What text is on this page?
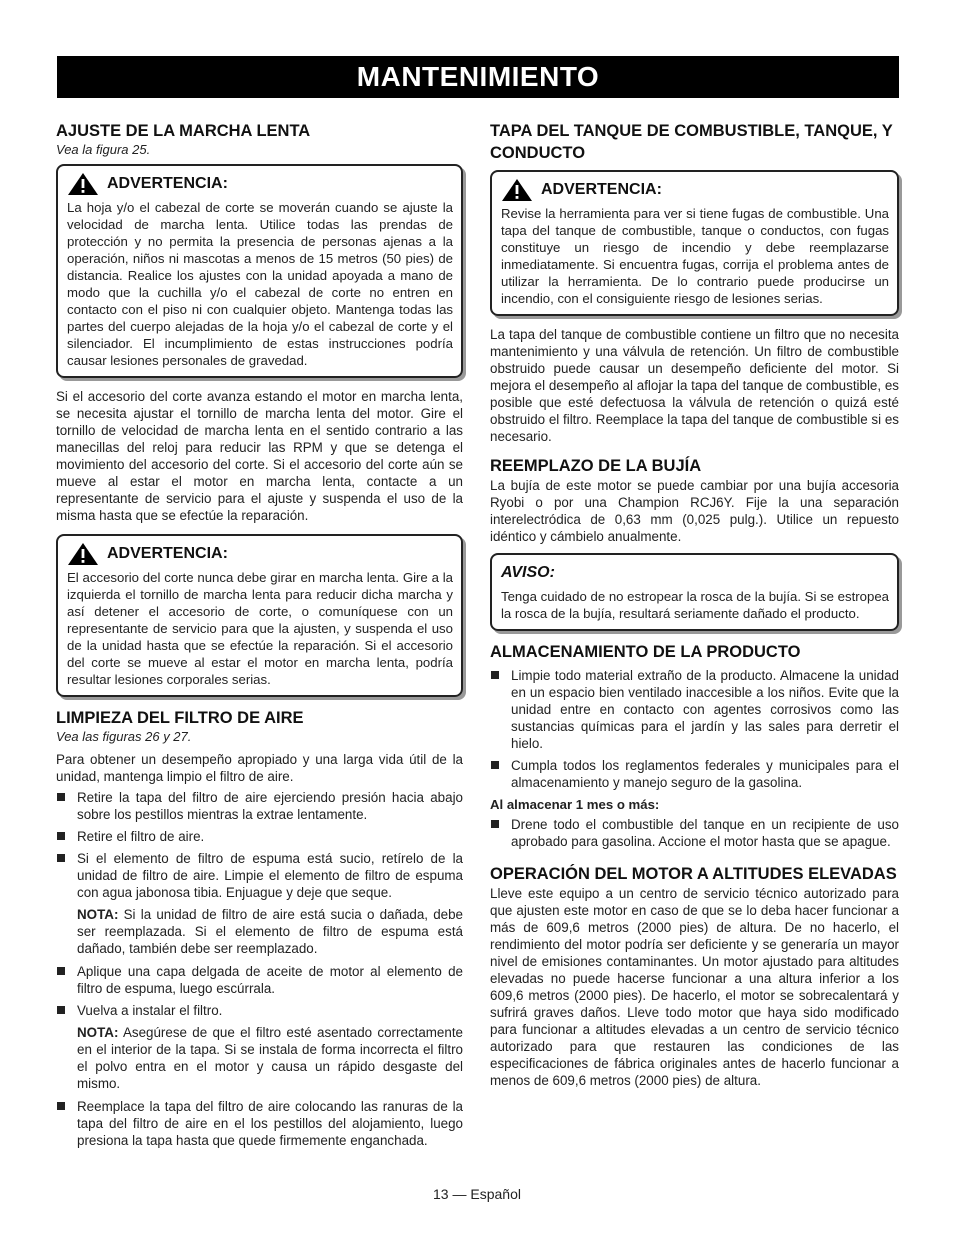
MANTENIMIENTO
AJUSTE DE LA MARCHA LENTA
Vea la figura 25.
ADVERTENCIA:

La hoja y/o el cabezal de corte se moverán cuando se ajuste la velocidad de marcha lenta. Utilice todas las prendas de protección y no permita la presencia de personas ajenas a la operación, niños ni mascotas a menos de 15 metros (50 pies) de distancia. Realice los ajustes con la unidad apoyada a mano de modo que la cuchilla y/o el cabezal de corte no entren en contacto con el piso ni con cualquier objeto. Mantenga todas las partes del cuerpo alejadas de la hoja y/o el cabezal de corte y el silenciador. El incumplimiento de estas instrucciones podría causar lesiones personales de gravedad.

Si el accesorio del corte avanza estando el motor en marcha lenta, se necesita ajustar el tornillo de marcha lenta del motor. Gire el tornillo de velocidad de marcha lenta en el sentido contrario a las manecillas del reloj para reducir las RPM y que se detenga el movimiento del accesorio del corte. Si el accesorio del corte aún se mueve al estar el motor en marcha lenta, contacte a un representante de servicio para el ajuste y suspenda el uso de la misma hasta que se efectúe la reparación.

ADVERTENCIA:

El accesorio del corte nunca debe girar en marcha lenta. Gire a la izquierda el tornillo de marcha lenta para reducir dicha marcha y así detener el accesorio de corte, o comuníquese con un representante de servicio para que la ajusten, y suspenda el uso de la unidad hasta que se efectúe la reparación. Si el accesorio del corte se mueve al estar el motor en marcha lenta, podría resultar lesiones corporales serias.

LIMPIEZA DEL FILTRO DE AIRE
Vea las figuras 26 y 27.

Para obtener un desempeño apropiado y una larga vida útil de la unidad, mantenga limpio el filtro de aire.

Retire la tapa del filtro de aire ejerciendo presión hacia abajo sobre los pestillos mientras la extrae lentamente.
Retire el filtro de aire.
Si el elemento de filtro de espuma está sucio, retírelo de la unidad de filtro de aire. Limpie el elemento de filtro de espuma con agua jabonosa tibia. Enjuague y deje que seque.

NOTA: Si la unidad de filtro de aire está sucia o dañada, debe ser reemplazada. Si el elemento de filtro de espuma está dañado, también debe ser reemplazado.

Aplique una capa delgada de aceite de motor al elemento de filtro de espuma, luego escúrrala.
Vuelva a instalar el filtro.

NOTA: Asegúrese de que el filtro esté asentado correctamente en el interior de la tapa. Si se instala de forma incorrecta el filtro el polvo entra en el motor y causa un rápido desgaste del mismo.

Reemplace la tapa del filtro de aire colocando las ranuras de la tapa del filtro de aire en el los pestillos del alojamiento, luego presiona la tapa hasta que quede firmemente enganchada.
TAPA DEL TANQUE DE COMBUSTIBLE, TANQUE, Y CONDUCTO
ADVERTENCIA:

Revise la herramienta para ver si tiene fugas de combustible. Una tapa del tanque de combustible, tanque o conductos, con fugas constituye un riesgo de incendio y debe reemplazarse inmediatamente. Si encuentra fugas, corrija el problema antes de utilizar la herramienta. De lo contrario puede producirse un incendio, con el consiguiente riesgo de lesiones serias.

La tapa del tanque de combustible contiene un filtro que no necesita mantenimiento y una válvula de retención. Un filtro de combustible obstruido puede causar un desempeño deficiente del motor. Si mejora el desempeño al aflojar la tapa del tanque de combustible, es posible que esté defectuosa la válvula de retención o quizá esté obstruido el filtro. Reemplace la tapa del tanque de combustible si es necesario.

REEMPLAZO DE LA BUJÍA

La bujía de este motor se puede cambiar por una bujía accesoria Ryobi o por una Champion RCJ6Y. Fije la una separación interelectródica de 0,63 mm (0,025 pulg.). Utilice un repuesto idéntico y cámbielo anualmente.

AVISO:

Tenga cuidado de no estropear la rosca de la bujía. Si se estropea la rosca de la bujía, resultará seriamente dañado el producto.

ALMACENAMIENTO DE LA PRODUCTO
Limpie todo material extraño de la producto. Almacene la unidad en un espacio bien ventilado inaccesible a los niños. Evite que la unidad entre en contacto con agentes corrosivos como las sustancias químicas para el jardín y las sales para derretir el hielo.
Cumpla todos los reglamentos federales y municipales para el almacenamiento y manejo seguro de la gasolina.
Al almacenar 1 mes o más:
Drene todo el combustible del tanque en un recipiente de uso aprobado para gasolina. Accione el motor hasta que se apague.
OPERACIÓN DEL MOTOR A ALTITUDES ELEVADAS

Lleve este equipo a un centro de servicio técnico autorizado para que ajusten este motor en caso de que se lo deba hacer funcionar a más de 609,6 metros (2000 pies) de altura. De no hacerlo, el rendimiento del motor podría ser deficiente y se generaría un mayor nivel de emisiones contaminantes. Un motor ajustado para altitudes elevadas no puede hacerse funcionar a una altura inferior a los 609,6 metros (2000 pies). De hacerlo, el motor se sobrecalentará y sufrirá graves daños. Lleve todo motor que haya sido modificado para funcionar a altitudes elevadas a un centro de servicio técnico autorizado para que restauren las condiciones de las especificaciones de fábrica originales antes de hacerlo funcionar a menos de 609,6 metros (2000 pies) de altura.

13 — Español
